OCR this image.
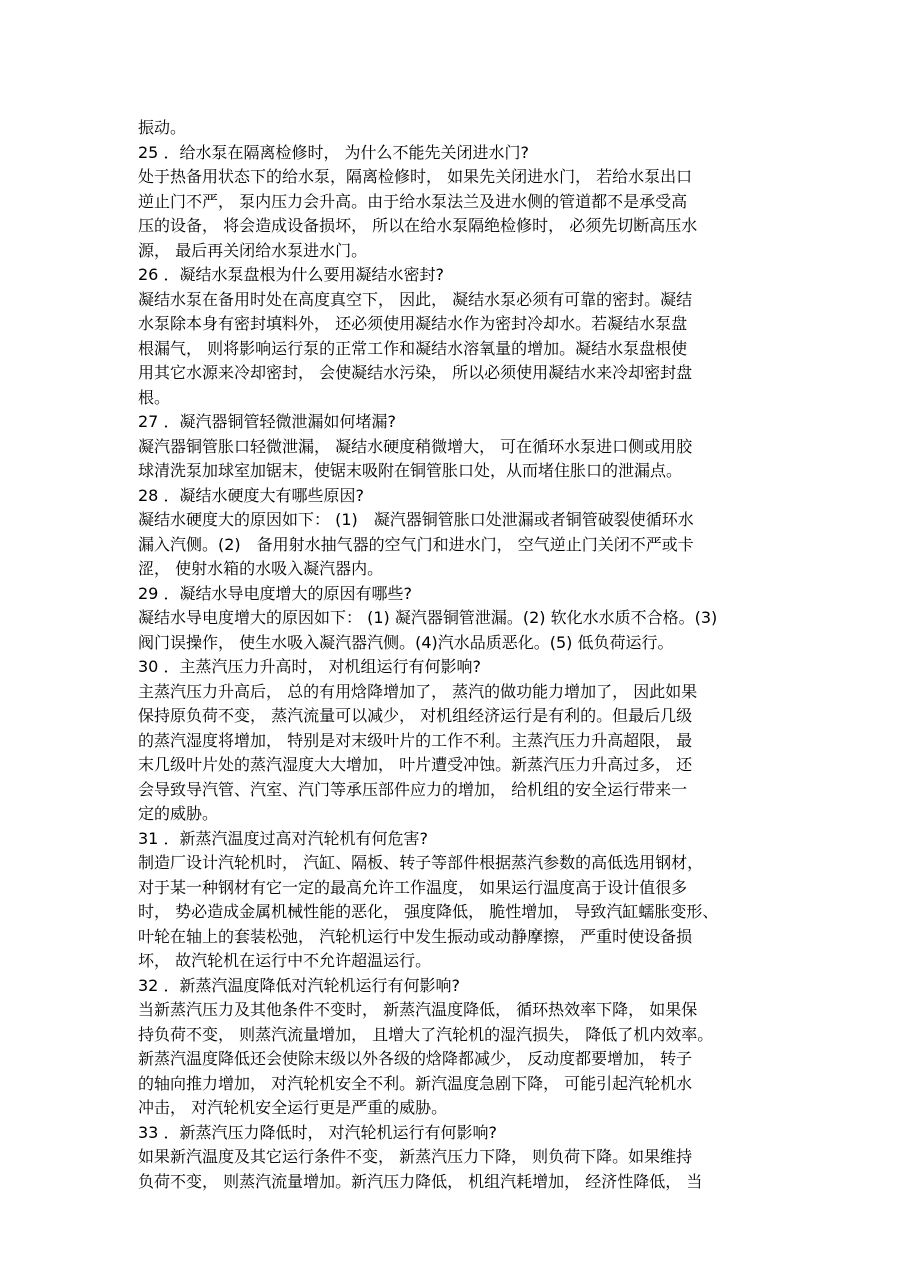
振动。
25 ．给水泵在隔离检修时， 为什么不能先关闭进水门?
处于热备用状态下的给水泵，隔离检修时， 如果先关闭进水门， 若给水泵出口
逆止门不严， 泵内压力会升高。由于给水泵法兰及进水侧的管道都不是承受高
压的设备， 将会造成设备损坏， 所以在给水泵隔绝检修时， 必须先切断高压水
源， 最后再关闭给水泵进水门。
26 ．凝结水泵盘根为什么要用凝结水密封?
凝结水泵在备用时处在高度真空下， 因此， 凝结水泵必须有可靠的密封。凝结
水泵除本身有密封填料外， 还必须使用凝结水作为密封冷却水。若凝结水泵盘
根漏气， 则将影响运行泵的正常工作和凝结水溶氧量的增加。凝结水泵盘根使
用其它水源来冷却密封， 会使凝结水污染， 所以必须使用凝结水来冷却密封盘
根。
27 ．凝汽器铜管轻微泄漏如何堵漏?
凝汽器铜管胀口轻微泄漏， 凝结水硬度稍微增大， 可在循环水泵进口侧或用胶
球清洗泵加球室加锯末，使锯末吸附在铜管胀口处，从而堵住胀口的泄漏点。
28 ．凝结水硬度大有哪些原因?
凝结水硬度大的原因如下： (1)　凝汽器铜管胀口处泄漏或者铜管破裂使循环水
漏入汽侧。(2)　备用射水抽气器的空气门和进水门， 空气逆止门关闭不严或卡
涩， 使射水箱的水吸入凝汽器内。
29 ．凝结水导电度增大的原因有哪些?
凝结水导电度增大的原因如下： (1) 凝汽器铜管泄漏。(2) 软化水水质不合格。(3)
阀门误操作， 使生水吸入凝汽器汽侧。(4)汽水品质恶化。(5) 低负荷运行。
30 ．主蒸汽压力升高时， 对机组运行有何影响?
主蒸汽压力升高后， 总的有用焓降增加了， 蒸汽的做功能力增加了， 因此如果
保持原负荷不变， 蒸汽流量可以减少， 对机组经济运行是有利的。但最后几级
的蒸汽湿度将增加， 特别是对末级叶片的工作不利。主蒸汽压力升高超限， 最
末几级叶片处的蒸汽湿度大大增加， 叶片遭受冲蚀。新蒸汽压力升高过多， 还
会导致导汽管、汽室、汽门等承压部件应力的增加， 给机组的安全运行带来一
定的威胁。
31 ．新蒸汽温度过高对汽轮机有何危害?
制造厂设计汽轮机时， 汽缸、隔板、转子等部件根据蒸汽参数的高低选用钢材，
对于某一种钢材有它一定的最高允许工作温度， 如果运行温度高于设计值很多
时， 势必造成金属机械性能的恶化， 强度降低， 脆性增加， 导致汽缸蠕胀变形、
叶轮在轴上的套装松弛， 汽轮机运行中发生振动或动静摩擦， 严重时使设备损
坏， 故汽轮机在运行中不允许超温运行。
32 ．新蒸汽温度降低对汽轮机运行有何影响?
当新蒸汽压力及其他条件不变时， 新蒸汽温度降低， 循环热效率下降， 如果保
持负荷不变， 则蒸汽流量增加， 且增大了汽轮机的湿汽损失， 降低了机内效率。
新蒸汽温度降低还会使除末级以外各级的焓降都减少， 反动度都要增加， 转子
的轴向推力增加， 对汽轮机安全不利。新汽温度急剧下降， 可能引起汽轮机水
冲击， 对汽轮机安全运行更是严重的威胁。
33 ．新蒸汽压力降低时， 对汽轮机运行有何影响?
如果新汽温度及其它运行条件不变， 新蒸汽压力下降， 则负荷下降。如果维持
负荷不变， 则蒸汽流量增加。新汽压力降低， 机组汽耗增加， 经济性降低， 当
